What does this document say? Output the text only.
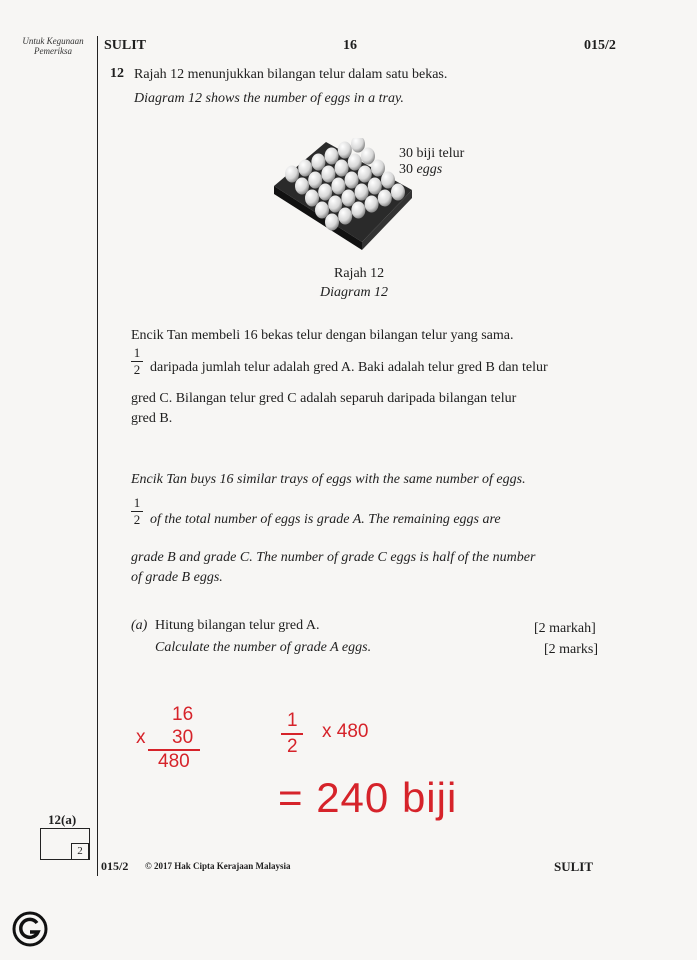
Untuk Kegunaan Pemeriksa	SULIT	16	015/2
12 Rajah 12 menunjukkan bilangan telur dalam satu bekas.
Diagram 12 shows the number of eggs in a tray.
30 biji telur
30 eggs
Rajah 12
Diagram 12
Encik Tan membeli 16 bekas telur dengan bilangan telur yang sama.
1
2 daripada jumlah telur adalah gred A. Baki adalah telur gred B dan telur
gred C. Bilangan telur gred C adalah separuh daripada bilangan telur
gred B.
Encik Tan buys 16 similar trays of eggs with the same number of eggs.
1
2 of the total number of eggs is grade A. The remaining eggs are
grade B and grade C. The number of grade C eggs is half of the number
of grade B eggs.
(a) Hitung bilangan telur gred A.
Calculate the number of grade A eggs.
[2 markah]
[2 marks]
16
x 30
480
1
2
x 480
= 240 biji
12(a)
2
015/2 © 2017 Hak Cipta Kerajaan Malaysia	SULIT
